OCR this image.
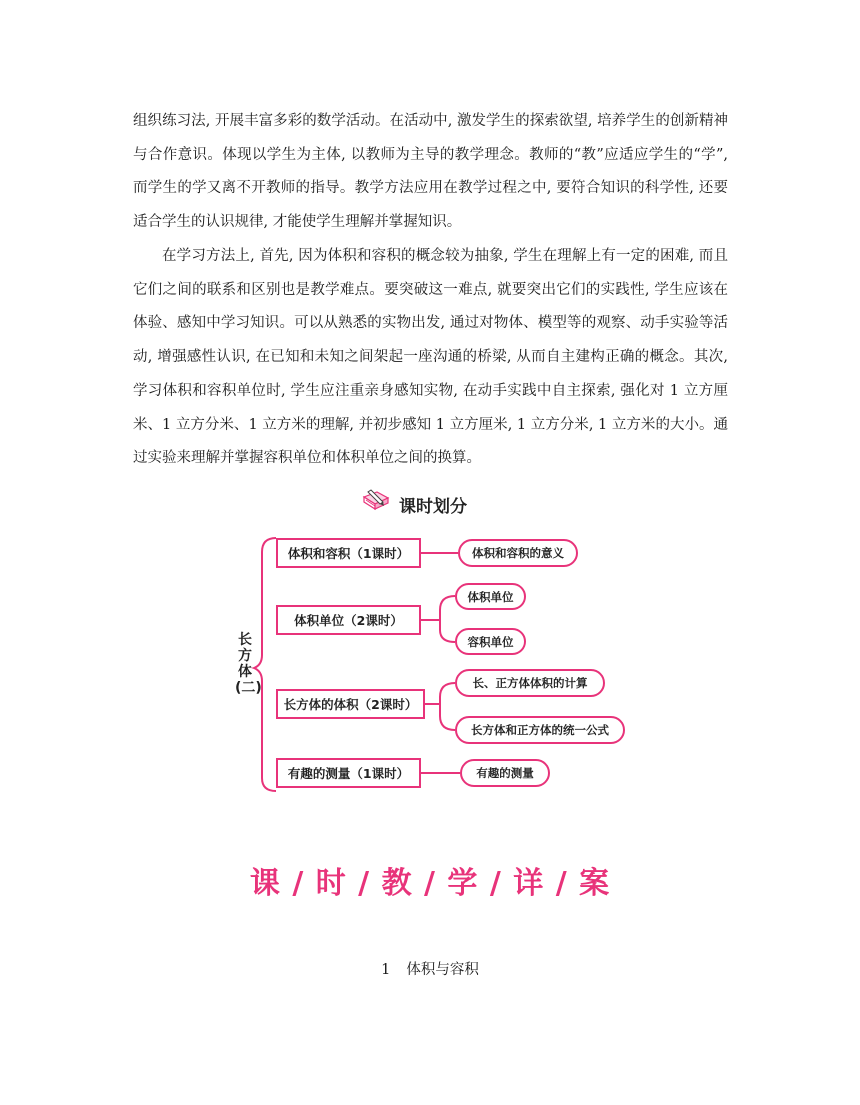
组织练习法, 开展丰富多彩的数学活动。在活动中, 激发学生的探索欲望, 培养学生的创新精神与合作意识。体现以学生为主体, 以教师为主导的教学理念。教师的“教”应适应学生的“学”, 而学生的学又离不开教师的指导。教学方法应用在教学过程之中, 要符合知识的科学性, 还要适合学生的认识规律, 才能使学生理解并掌握知识。

在学习方法上, 首先, 因为体积和容积的概念较为抽象, 学生在理解上有一定的困难, 而且它们之间的联系和区别也是教学难点。要突破这一难点, 就要突出它们的实践性, 学生应该在体验、感知中学习知识。可以从熟悉的实物出发, 通过对物体、模型等的观察、动手实验等活动, 增强感性认识, 在已知和未知之间架起一座沟通的桥梁, 从而自主建构正确的概念。其次, 学习体积和容积单位时, 学生应注重亲身感知实物, 在动手实践中自主探索, 强化对 1 立方厘米、1 立方分米、1 立方米的理解, 并初步感知 1 立方厘米, 1 立方分米, 1 立方米的大小。通过实验来理解并掌握容积单位和体积单位之间的换算。

课时划分
长方体(二)
体积和容积（1课时）
体积单位（2课时）
长方体的体积（2课时）
有趣的测量（1课时）
体积和容积的意义
体积单位
容积单位
长、正方体体积的计算
长方体和正方体的统一公式
有趣的测量
课 / 时 / 教 / 学 / 详 / 案
1 体积与容积
